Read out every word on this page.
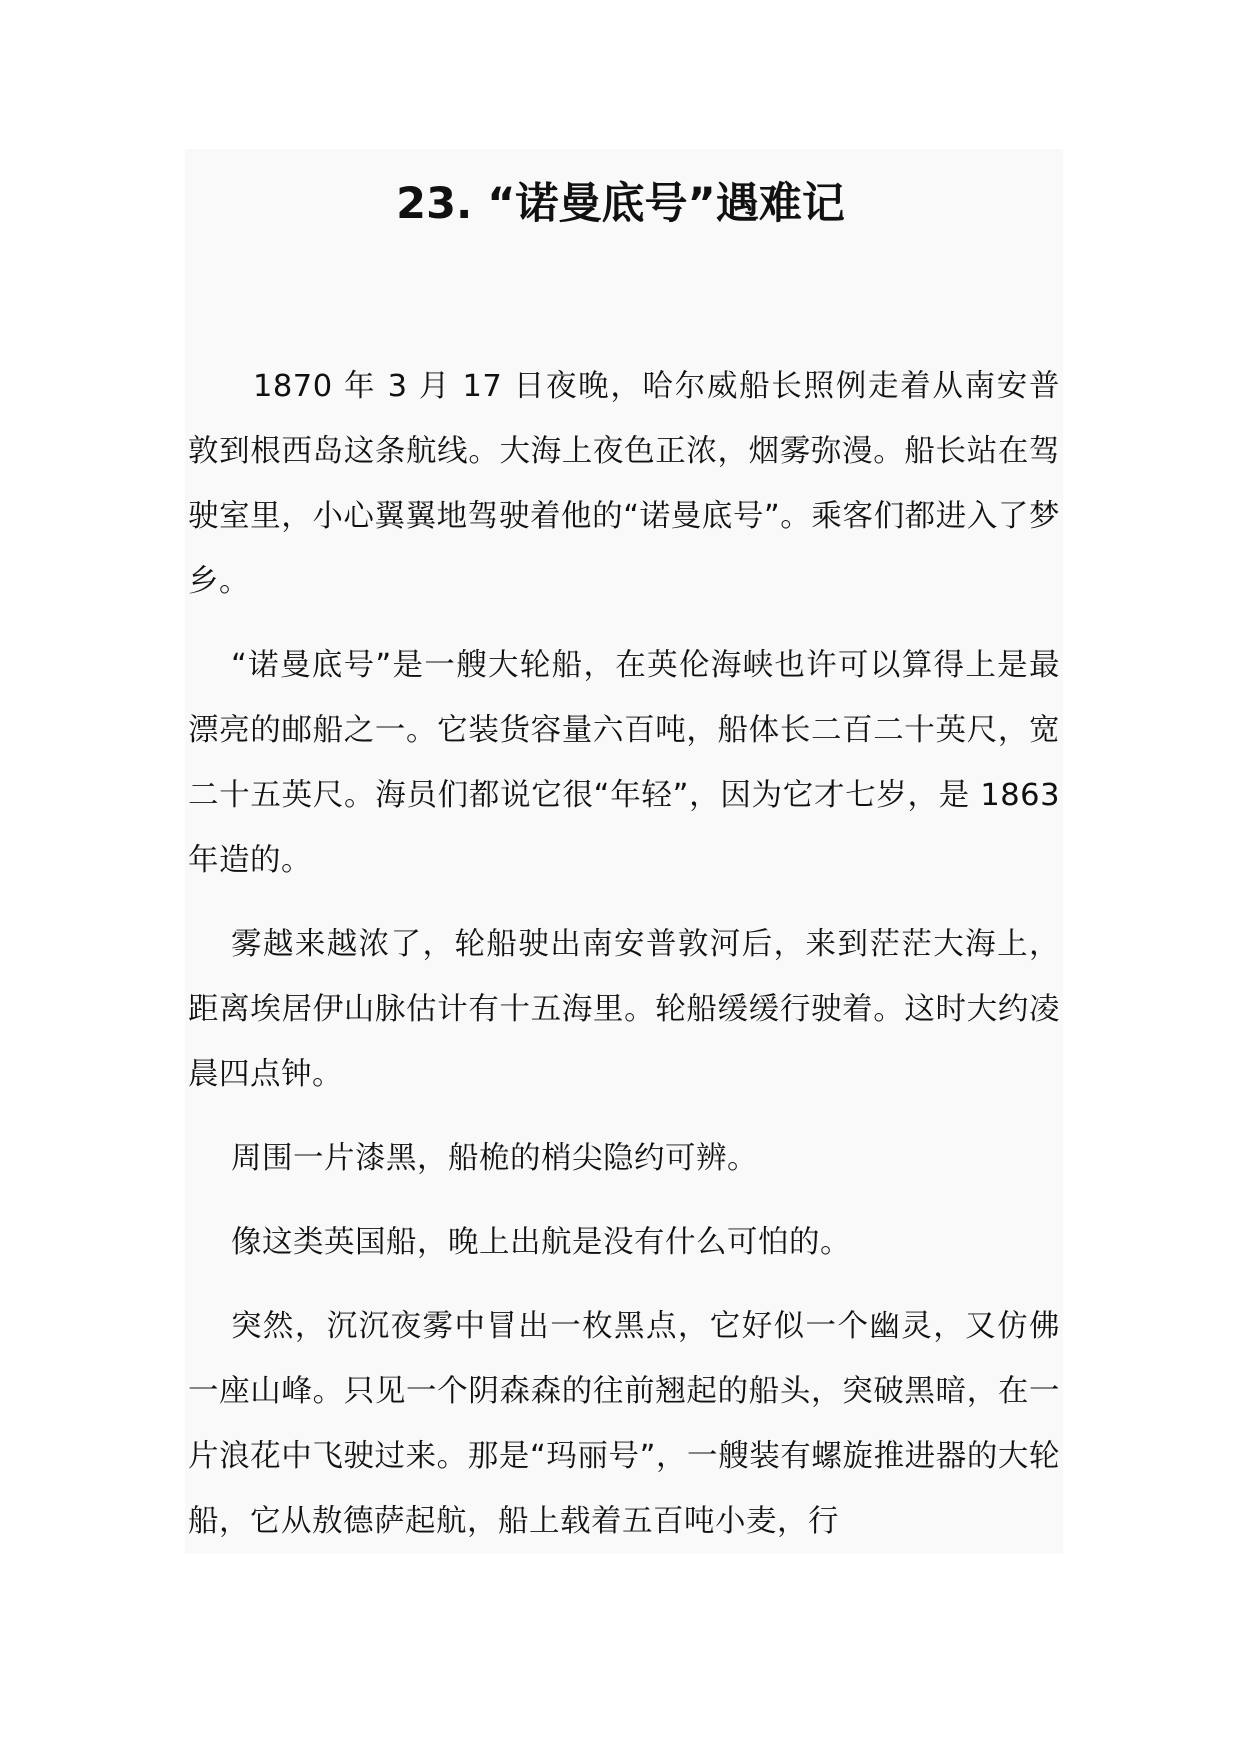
23. “诺曼底号”遇难记

1870 年 3 月 17 日夜晚，哈尔威船长照例走着从南安普敦到根西岛这条航线。大海上夜色正浓，烟雾弥漫。船长站在驾驶室里，小心翼翼地驾驶着他的“诺曼底号”。乘客们都进入了梦乡。

“诺曼底号”是一艘大轮船，在英伦海峡也许可以算得上是最漂亮的邮船之一。它装货容量六百吨，船体长二百二十英尺，宽二十五英尺。海员们都说它很“年轻”，因为它才七岁，是 1863 年造的。

雾越来越浓了，轮船驶出南安普敦河后，来到茫茫大海上，距离埃居伊山脉估计有十五海里。轮船缓缓行驶着。这时大约凌晨四点钟。

周围一片漆黑，船桅的梢尖隐约可辨。

像这类英国船，晚上出航是没有什么可怕的。

突然，沉沉夜雾中冒出一枚黑点，它好似一个幽灵，又仿佛一座山峰。只见一个阴森森的往前翘起的船头，突破黑暗，在一片浪花中飞驶过来。那是“玛丽号”，一艘装有螺旋推进器的大轮船，它从敖德萨起航，船上载着五百吨小麦，行
